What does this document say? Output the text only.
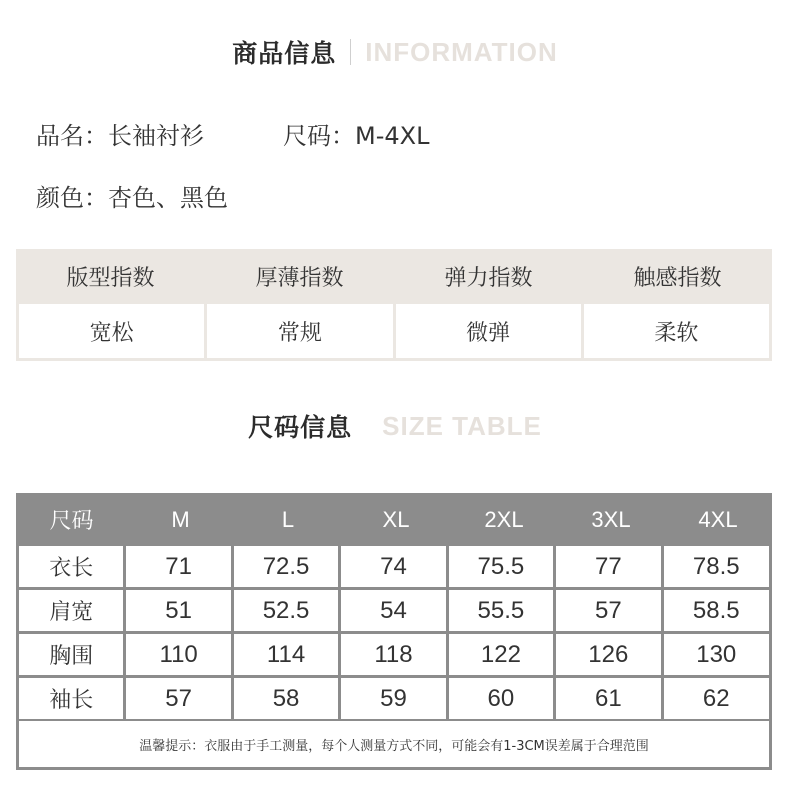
商品信息 INFORMATION
品名：长袖衬衫	尺码：M-4XL
颜色：杏色、黑色
版型指数	厚薄指数	弹力指数	触感指数
宽松	常规	微弹	柔软
尺码信息 SIZE TABLE
尺码	M	L	XL	2XL	3XL	4XL
衣长	71	72.5	74	75.5	77	78.5
肩宽	51	52.5	54	55.5	57	58.5
胸围	110	114	118	122	126	130
袖长	57	58	59	60	61	62
温馨提示：衣服由于手工测量，每个人测量方式不同，可能会有1-3CM误差属于合理范围
